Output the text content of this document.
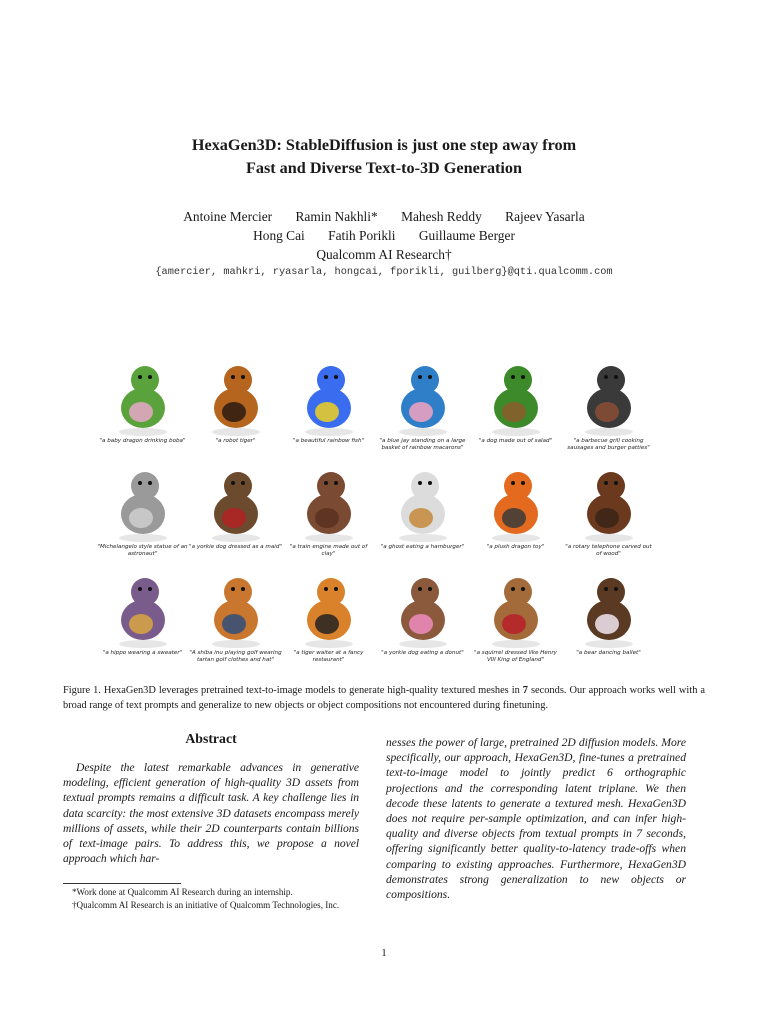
HexaGen3D: StableDiffusion is just one step away from
Fast and Diverse Text-to-3D Generation
Antoine Mercier Ramin Nakhli* Mahesh Reddy Rajeev Yasarla
Hong Cai Fatih Porikli Guillaume Berger
Qualcomm AI Research†
{amercier, mahkri, ryasarla, hongcai, fporikli, guilberg}@qti.qualcomm.com
"a baby dragon drinking boba"	"a robot tiger"	"a beautiful rainbow fish"	"a blue jay standing on a large basket of rainbow macarons"
"a dog made out of salad"	"a barbecue grill cooking sausages and burger patties"
"Michelangelo style statue of an astronaut"
"a yorkie dog dressed as a maid"	"a train engine made out of clay"
"a ghost eating a hamburger"	"a plush dragon toy"	"a rotary telephone carved out of wood"
"a hippo wearing a sweater"	"A shiba inu playing golf wearing tartan golf clothes and hat"
"a tiger waiter at a fancy restaurant"
"a yorkie dog eating a donut"	"a squirrel dressed like Henry VIII King of England"
"a bear dancing ballet"
Figure 1. HexaGen3D leverages pretrained text-to-image models to generate high-quality textured meshes in 7 seconds. Our approach works well with a broad range of text prompts and generalize to new objects or object compositions not encountered during finetuning.
Abstract

Despite the latest remarkable advances in generative modeling, efficient generation of high-quality 3D assets from textual prompts remains a difficult task. A key challenge lies in data scarcity: the most extensive 3D datasets encompass merely millions of assets, while their 2D counterparts contain billions of text-image pairs. To address this, we propose a novel approach which har-

nesses the power of large, pretrained 2D diffusion models. More specifically, our approach, HexaGen3D, fine-tunes a pretrained text-to-image model to jointly predict 6 orthographic projections and the corresponding latent triplane. We then decode these latents to generate a textured mesh. HexaGen3D does not require per-sample optimization, and can infer high-quality and diverse objects from textual prompts in 7 seconds, offering significantly better quality-to-latency trade-offs when comparing to existing approaches. Furthermore, HexaGen3D demonstrates strong generalization to new objects or compositions.

*Work done at Qualcomm AI Research during an internship.

†Qualcomm AI Research is an initiative of Qualcomm Technologies, Inc.

1
